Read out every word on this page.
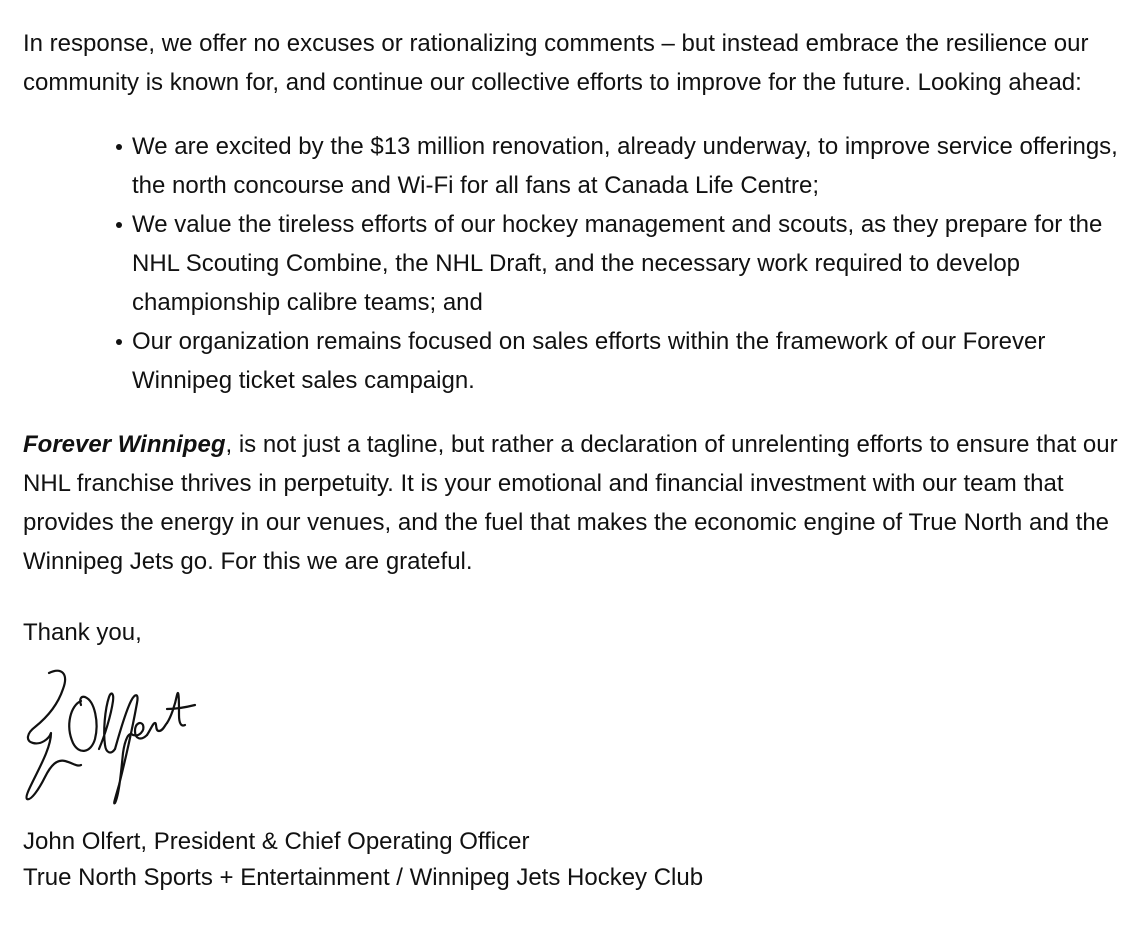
In response, we offer no excuses or rationalizing comments – but instead embrace the resilience our community is known for, and continue our collective efforts to improve for the future. Looking ahead:

We are excited by the $13 million renovation, already underway, to improve service offerings, the north concourse and Wi-Fi for all fans at Canada Life Centre;
We value the tireless efforts of our hockey management and scouts, as they prepare for the NHL Scouting Combine, the NHL Draft, and the necessary work required to develop championship calibre teams; and
Our organization remains focused on sales efforts within the framework of our Forever Winnipeg ticket sales campaign.

Forever Winnipeg, is not just a tagline, but rather a declaration of unrelenting efforts to ensure that our NHL franchise thrives in perpetuity. It is your emotional and financial investment with our team that provides the energy in our venues, and the fuel that makes the economic engine of True North and the Winnipeg Jets go. For this we are grateful.

Thank you,

John Olfert, President & Chief Operating Officer

True North Sports + Entertainment / Winnipeg Jets Hockey Club
